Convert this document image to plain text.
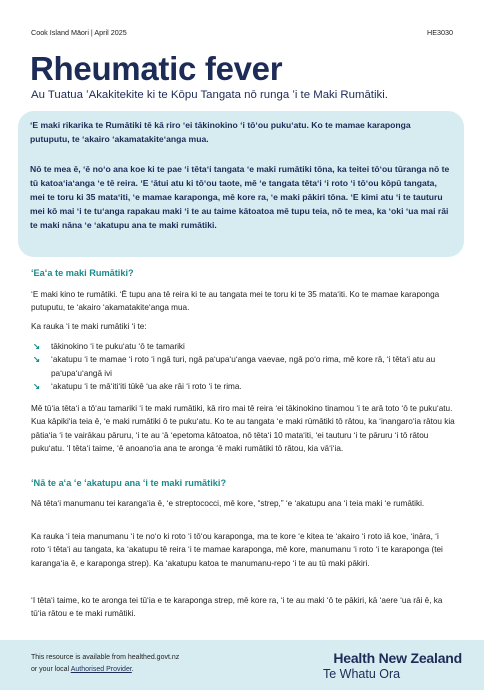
Cook Island Māori | April 2025	HE3030
Rheumatic fever
Au Tuatua ʻAkakitekite ki te Kōpu Tangata nō runga ʻi te Maki Rumātiki.

ʻE maki rikarika te Rumātiki tē kā riro ʻei tākinokino ʻi tōʻou pukuʻatu. Ko te mamae karaponga putuputu, te ʻakairo ʻakamatakiteʻanga mua.

Nō te mea ē, ʻē noʻo ana koe ki te pae ʻi tētaʻi tangata ʻe maki rumātiki tōna, ka teitei tōʻou tūranga nō te tū katoaʻiaʻanga ʻe tē reira. ʻE ʻātui atu ki tōʻou taote, mē ʻe tangata tētaʻi ʻi roto ʻi tōʻou kōpū tangata, mei te toru ki 35 mataʻiti, ʻe mamae karaponga, mē kore ra, ʻe maki pākiri tōna. ʻE kimi atu ʻi te tauturu mei kō mai ʻi te tuʻanga rapakau maki ʻi te au taime kātoatoa mē tupu teia, nō te mea, ka ʻoki ʻua mai rāi te maki nāna ʻe ʻakatupu ana te maki rumātiki.

ʻEaʻa te maki Rumātiki?

ʻE maki kino te rumātiki. ʻĒ tupu ana tē reira ki te au tangata mei te toru ki te 35 mataʻiti. Ko te mamae karaponga putuputu, te ʻakairo ʻakamatakiteʻanga mua.

Ka rauka ʻi te maki rumātiki ʻi te:

↘ tākinokino ʻi te pukuʻatu ʻō te tamariki
↘ ʻakatupu ʻi te mamae ʻi roto ʻi ngā turi, ngā paʻupaʻuʻanga vaevae, ngā poʻo rima, mē kore rā, ʻi tētaʻi atu au paʻupaʻuʻangā ivi
↘ ʻakatupu ʻi te māʻitiʻiti tūkē ʻua ake rāi ʻi roto ʻi te rima.

Mē tūʻia tētaʻi a tōʻau tamariki ʻi te maki rumātiki, kā riro mai tē reira ʻei tākinokino tinamou ʻi te arā toto ʻō te pukuʻatu. Kua kāpikiʻia teia ē, ʻe maki rumātiki ō te pukuʻatu. Ko te au tangata ʻe maki rūmātiki tō rātou, ka ʻinangaroʻia rātou kia pātiaʻia ʻi te vairākau pāruru, ʻi te au ʻā ʻepetoma kātoatoa, nō tētaʻi 10 mataʻiti, ʻei tauturu ʻi te pāruru ʻi tō rātou pukuʻatu. ʻI tētaʻi taime, ʻē anoanoʻia ana te aronga ʻē maki rumātiki tō rātou, kia vāʻiʻia.

ʻNā te aʻa ʻe ʻakatupu ana ʻi te maki rumātiki?

Nā tētaʻi manumanu tei karangaʻia ē, ʻe streptococci, mē kore, “strep,” ʻe ʻakatupu ana ʻi teia maki ʻe rumātiki.

Ka rauka ʻi teia manumanu ʻi te noʻo ki roto ʻi tōʻou karaponga, ma te kore ʻe kitea te ʻakairo ʻi roto iā koe, ʻināra, ʻi roto ʻi tētaʻi au tangata, ka ʻakatupu tē reira ʻi te mamae karaponga, mē kore, manumanu ʻi roto ʻi te karaponga (tei karangaʻia ē, e karaponga strep). Ka ʻakatupu katoa te manumanu-repo ʻi te au tū maki pākiri.

ʻI tētaʻi taime, ko te aronga tei tūʻia e te karaponga strep, mē kore ra, ʻi te au maki ʻō te pākiri, kā ʻaere ʻua rāi ē, ka tūʻia rātou e te maki rumātiki.

This resource is available from healthed.govt.nz
or your local Authorised Provider.
Health New Zealand
Te Whatu Ora
